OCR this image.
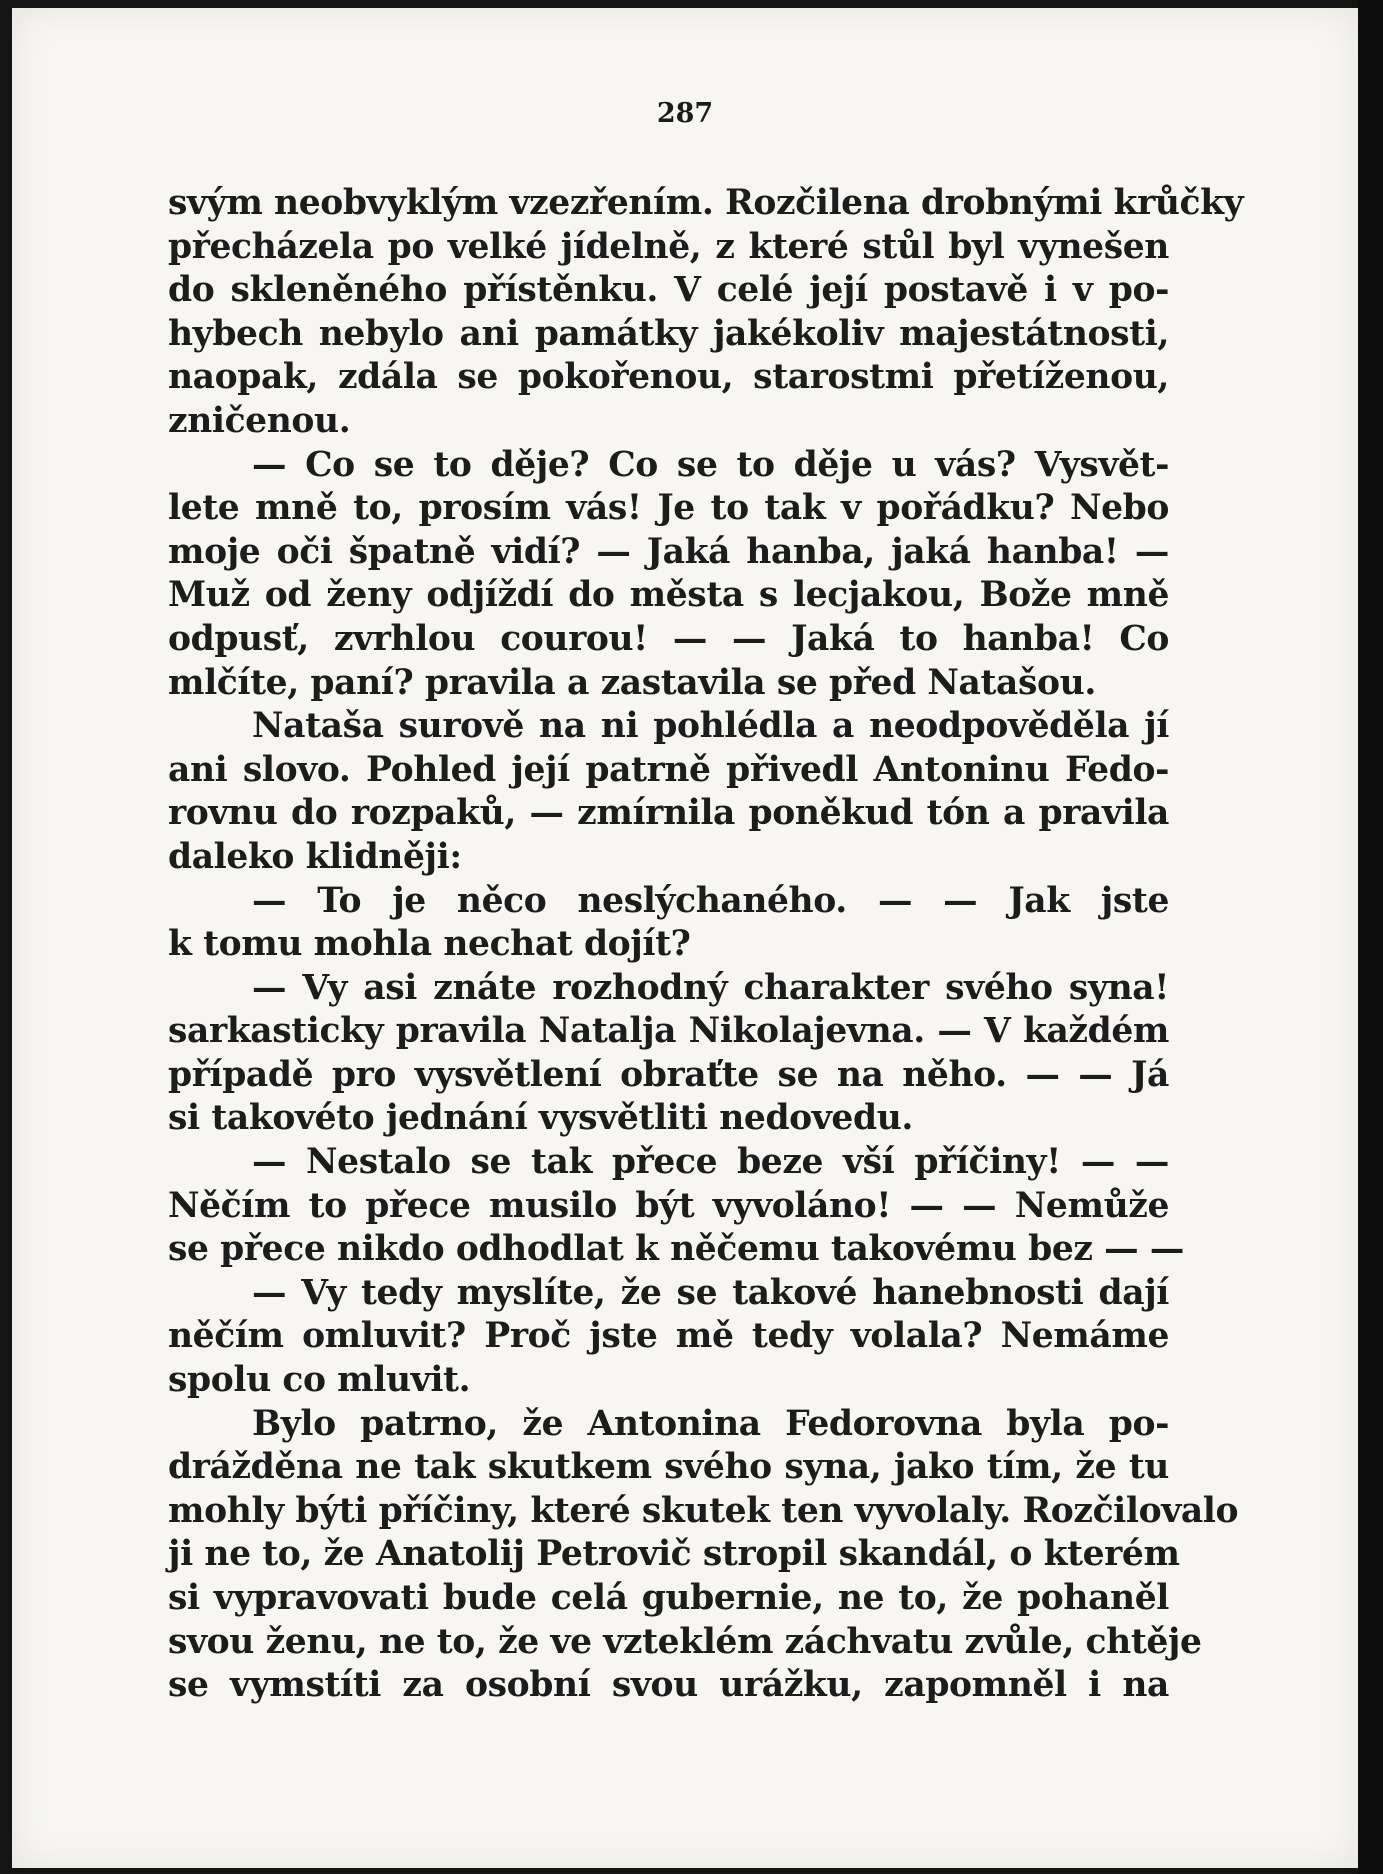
287
svým neobvyklým vzezřením. Rozčilena drobnými krůčky
přecházela po velké jídelně, z které stůl byl vynešen
do skleněného přístěnku. V celé její postavě i v po-
hybech nebylo ani památky jakékoliv majestátnosti,
naopak, zdála se pokořenou, starostmi přetíženou,
zničenou.
— Co se to děje? Co se to děje u vás? Vysvět-
lete mně to, prosím vás! Je to tak v pořádku? Nebo
moje oči špatně vidí? — Jaká hanba, jaká hanba! —
Muž od ženy odjíždí do města s lecjakou, Bože mně
odpusť, zvrhlou courou! — — Jaká to hanba! Co
mlčíte, paní? pravila a zastavila se před Natašou.
Nataša surově na ni pohlédla a neodpověděla jí
ani slovo. Pohled její patrně přivedl Antoninu Fedo-
rovnu do rozpaků, — zmírnila poněkud tón a pravila
daleko klidněji:
— To je něco neslýchaného. — — Jak jste
k tomu mohla nechat dojít?
— Vy asi znáte rozhodný charakter svého syna!
sarkasticky pravila Natalja Nikolajevna. — V každém
případě pro vysvětlení obraťte se na něho. — — Já
si takovéto jednání vysvětliti nedovedu.
— Nestalo se tak přece beze vší příčiny! — —
Něčím to přece musilo být vyvoláno! — — Nemůže
se přece nikdo odhodlat k něčemu takovému bez — —
— Vy tedy myslíte, že se takové hanebnosti dají
něčím omluvit? Proč jste mě tedy volala? Nemáme
spolu co mluvit.
Bylo patrno, že Antonina Fedorovna byla po-
drážděna ne tak skutkem svého syna, jako tím, že tu
mohly býti příčiny, které skutek ten vyvolaly. Rozčilovalo
ji ne to, že Anatolij Petrovič stropil skandál, o kterém
si vypravovati bude celá gubernie, ne to, že pohaněl
svou ženu, ne to, že ve vzteklém záchvatu zvůle, chtěje
se vymstíti za osobní svou urážku, zapomněl i na
